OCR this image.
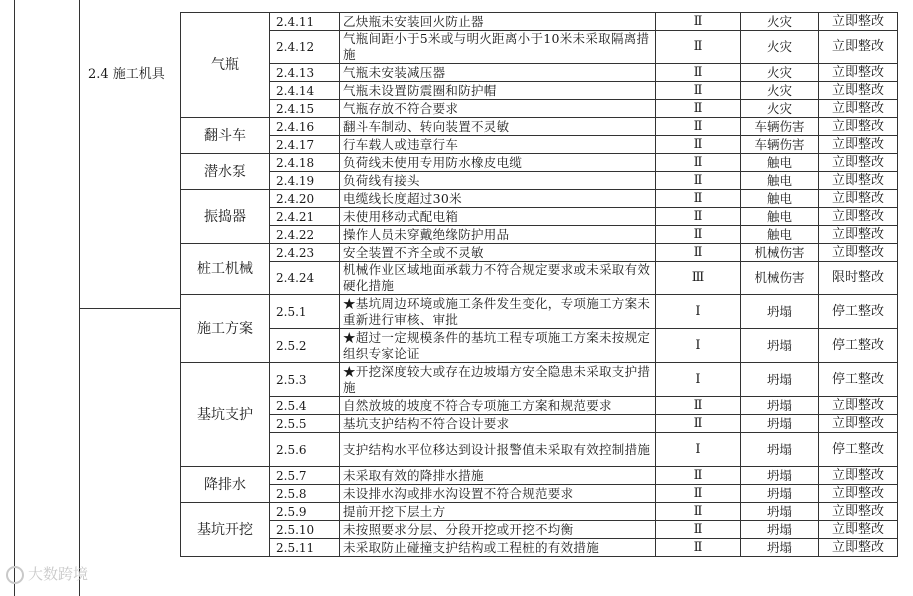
2.4 施工机具
气瓶	2.4.11	乙炔瓶未安装回火防止器	Ⅱ	火灾	立即整改
	2.4.12	气瓶间距小于5米或与明火距离小于10米未采取隔离措施	Ⅱ	火灾	立即整改
	2.4.13	气瓶未安装减压器	Ⅱ	火灾	立即整改
	2.4.14	气瓶未设置防震圈和防护帽	Ⅱ	火灾	立即整改
	2.4.15	气瓶存放不符合要求	Ⅱ	火灾	立即整改
翻斗车	2.4.16	翻斗车制动、转向装置不灵敏	Ⅱ	车辆伤害	立即整改
	2.4.17	行车载人或违章行车	Ⅱ	车辆伤害	立即整改
潜水泵	2.4.18	负荷线未使用专用防水橡皮电缆	Ⅱ	触电	立即整改
	2.4.19	负荷线有接头	Ⅱ	触电	立即整改
振捣器	2.4.20	电缆线长度超过30米	Ⅱ	触电	立即整改
	2.4.21	未使用移动式配电箱	Ⅱ	触电	立即整改
	2.4.22	操作人员未穿戴绝缘防护用品	Ⅱ	触电	立即整改
桩工机械	2.4.23	安全装置不齐全或不灵敏	Ⅱ	机械伤害	立即整改
	2.4.24	机械作业区域地面承载力不符合规定要求或未采取有效硬化措施	Ⅲ	机械伤害	限时整改
施工方案	2.5.1	★基坑周边环境或施工条件发生变化，专项施工方案未重新进行审核、审批	Ⅰ	坍塌	停工整改
	2.5.2	★超过一定规模条件的基坑工程专项施工方案未按规定组织专家论证	Ⅰ	坍塌	停工整改
基坑支护	2.5.3	★开挖深度较大或存在边坡塌方安全隐患未采取支护措施	Ⅰ	坍塌	停工整改
	2.5.4	自然放坡的坡度不符合专项施工方案和规范要求	Ⅱ	坍塌	立即整改
	2.5.5	基坑支护结构不符合设计要求	Ⅱ	坍塌	立即整改
	2.5.6	支护结构水平位移达到设计报警值未采取有效控制措施	Ⅰ	坍塌	停工整改
降排水	2.5.7	未采取有效的降排水措施	Ⅱ	坍塌	立即整改
	2.5.8	未设排水沟或排水沟设置不符合规范要求	Ⅱ	坍塌	立即整改
基坑开挖	2.5.9	提前开挖下层土方	Ⅱ	坍塌	立即整改
	2.5.10	未按照要求分层、分段开挖或开挖不均衡	Ⅱ	坍塌	立即整改
	2.5.11	未采取防止碰撞支护结构或工程桩的有效措施	Ⅱ	坍塌	立即整改
大数跨境
